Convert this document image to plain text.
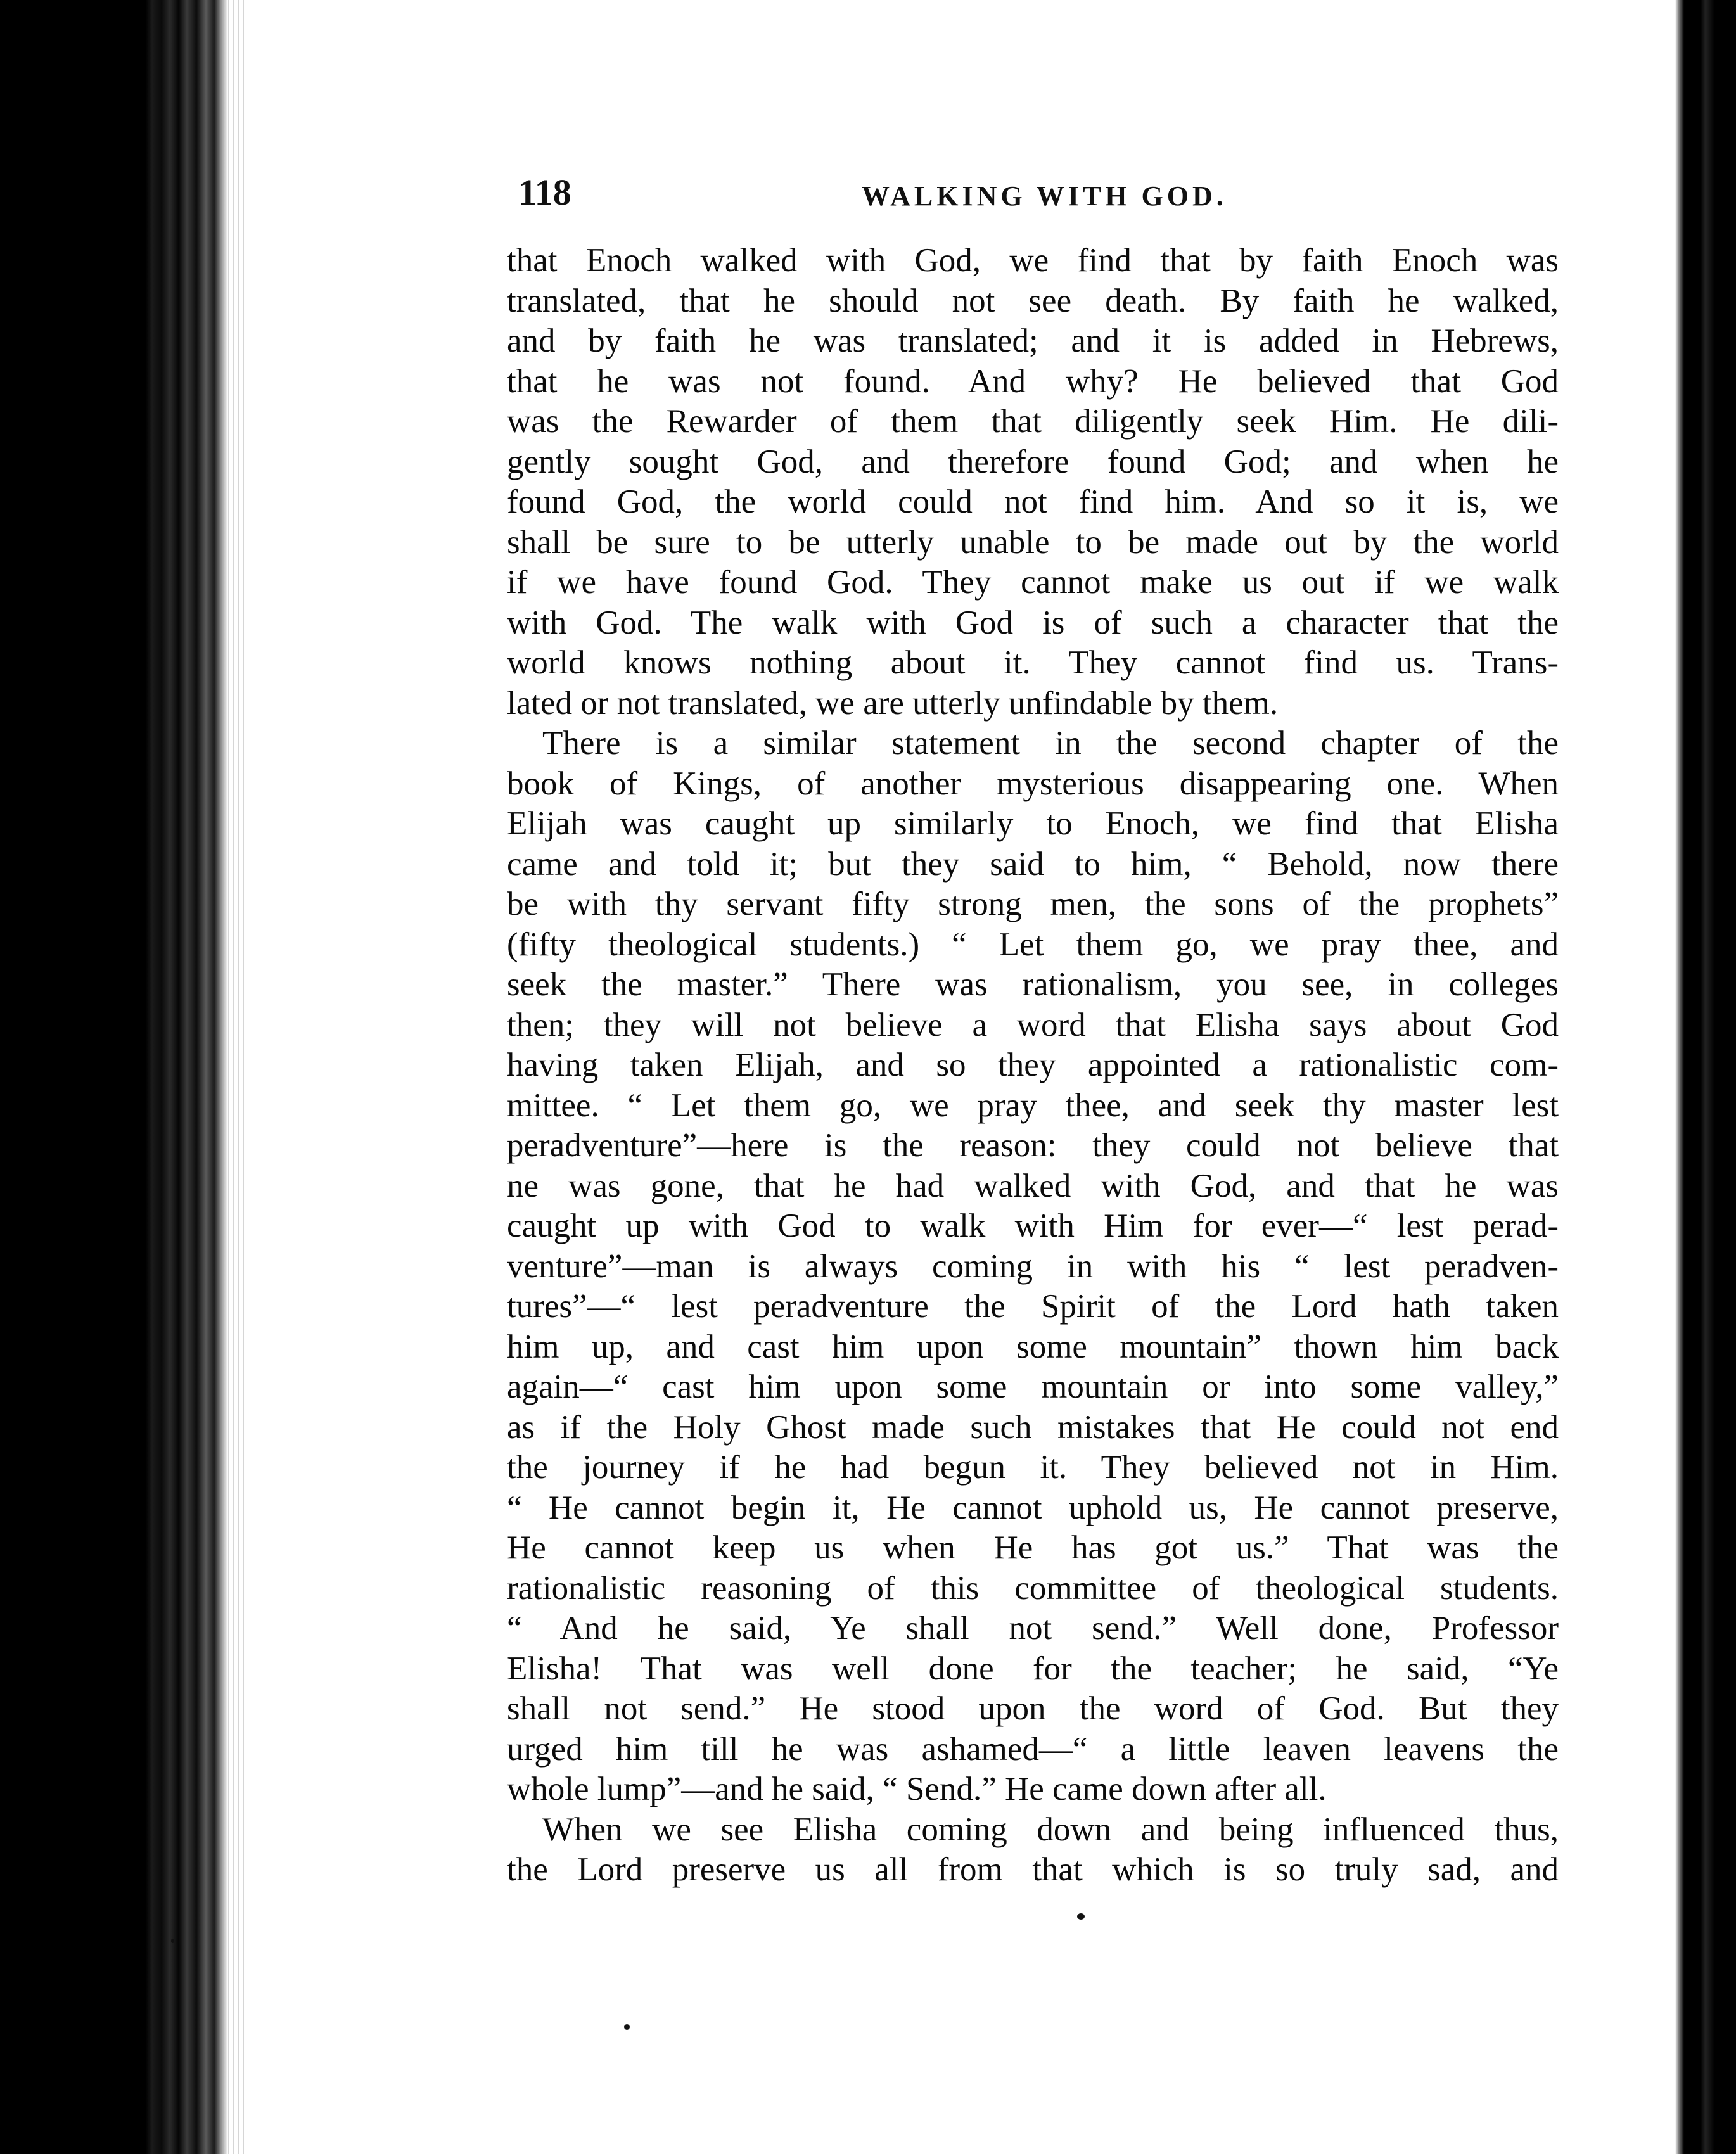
118	WALKING WITH GOD.
that Enoch walked with God, we find that by faith Enoch was
translated, that he should not see death. By faith he walked,
and by faith he was translated; and it is added in Hebrews,
that he was not found. And why? He believed that God
was the Rewarder of them that diligently seek Him. He dili-
gently sought God, and therefore found God; and when he
found God, the world could not find him. And so it is, we
shall be sure to be utterly unable to be made out by the world
if we have found God. They cannot make us out if we walk
with God. The walk with God is of such a character that the
world knows nothing about it. They cannot find us. Trans-
lated or not translated, we are utterly unfindable by them.
There is a similar statement in the second chapter of the
book of Kings, of another mysterious disappearing one. When
Elijah was caught up similarly to Enoch, we find that Elisha
came and told it; but they said to him, “ Behold, now there
be with thy servant fifty strong men, the sons of the prophets”
(fifty theological students.) “ Let them go, we pray thee, and
seek the master.” There was rationalism, you see, in colleges
then; they will not believe a word that Elisha says about God
having taken Elijah, and so they appointed a rationalistic com-
mittee. “ Let them go, we pray thee, and seek thy master lest
peradventure”—here is the reason: they could not believe that
ne was gone, that he had walked with God, and that he was
caught up with God to walk with Him for ever—“ lest perad-
venture”—man is always coming in with his “ lest peradven-
tures”—“ lest peradventure the Spirit of the Lord hath taken
him up, and cast him upon some mountain” thown him back
again—“ cast him upon some mountain or into some valley,”
as if the Holy Ghost made such mistakes that He could not end
the journey if he had begun it. They believed not in Him.
“ He cannot begin it, He cannot uphold us, He cannot preserve,
He cannot keep us when He has got us.” That was the
rationalistic reasoning of this committee of theological students.
“ And he said, Ye shall not send.” Well done, Professor
Elisha! That was well done for the teacher; he said, “Ye
shall not send.” He stood upon the word of God. But they
urged him till he was ashamed—“ a little leaven leavens the
whole lump”—and he said, “ Send.” He came down after all.
When we see Elisha coming down and being influenced thus,
the Lord preserve us all from that which is so truly sad, and
